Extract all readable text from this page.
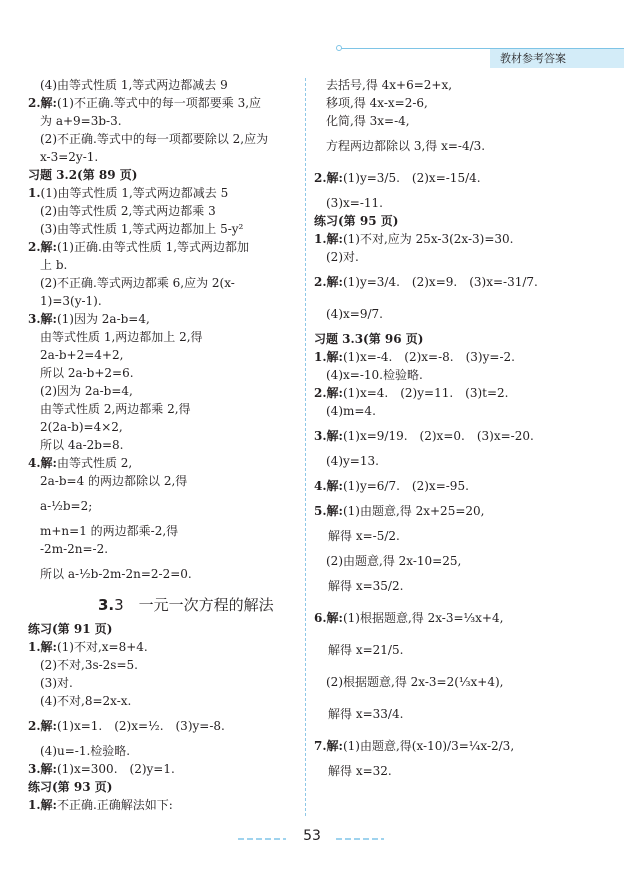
教材参考答案
(4)由等式性质 1,等式两边都减去 9
2.解:(1)不正确.等式中的每一项都要乘 3,应
为 a+9=3b-3.
(2)不正确.等式中的每一项都要除以 2,应为
x-3=2y-1.
习题 3.2(第 89 页)
1.(1)由等式性质 1,等式两边都减去 5
(2)由等式性质 2,等式两边都乘 3
(3)由等式性质 1,等式两边都加上 5-y²
2.解:(1)正确.由等式性质 1,等式两边都加
上 b.
(2)不正确.等式两边都乘 6,应为 2(x-
1)=3(y-1).
3.解:(1)因为 2a-b=4,
由等式性质 1,两边都加上 2,得
2a-b+2=4+2,
所以 2a-b+2=6.
(2)因为 2a-b=4,
由等式性质 2,两边都乘 2,得
2(2a-b)=4×2,
所以 4a-2b=8.
4.解:由等式性质 2,
2a-b=4 的两边都除以 2,得
a-½b=2;
m+n=1 的两边都乘-2,得
-2m-2n=-2.
所以 a-½b-2m-2n=2-2=0.
3.3　一元一次方程的解法
练习(第 91 页)
1.解:(1)不对,x=8+4.
(2)不对,3s-2s=5.
(3)对.
(4)不对,8=2x-x.
2.解:(1)x=1.　(2)x=½.　(3)y=-8.
(4)u=-1.检验略.
3.解:(1)x=300.　(2)y=1.
练习(第 93 页)
1.解:不正确.正确解法如下:
去括号,得 4x+6=2+x,
移项,得 4x-x=2-6,
化简,得 3x=-4,
方程两边都除以 3,得 x=-4/3.
2.解:(1)y=3/5.　(2)x=-15/4.
(3)x=-11.
练习(第 95 页)
1.解:(1)不对,应为 25x-3(2x-3)=30.
(2)对.
2.解:(1)y=3/4.　(2)x=9.　(3)x=-31/7.
(4)x=9/7.
习题 3.3(第 96 页)
1.解:(1)x=-4.　(2)x=-8.　(3)y=-2.
(4)x=-10.检验略.
2.解:(1)x=4.　(2)y=11.　(3)t=2.
(4)m=4.
3.解:(1)x=9/19.　(2)x=0.　(3)x=-20.
(4)y=13.
4.解:(1)y=6/7.　(2)x=-95.
5.解:(1)由题意,得 2x+25=20,
解得 x=-5/2.
(2)由题意,得 2x-10=25,
解得 x=35/2.
6.解:(1)根据题意,得 2x-3=⅓x+4,
解得 x=21/5.
(2)根据题意,得 2x-3=2(⅓x+4),
解得 x=33/4.
7.解:(1)由题意,得(x-10)/3=¼x-2/3,
解得 x=32.
53
